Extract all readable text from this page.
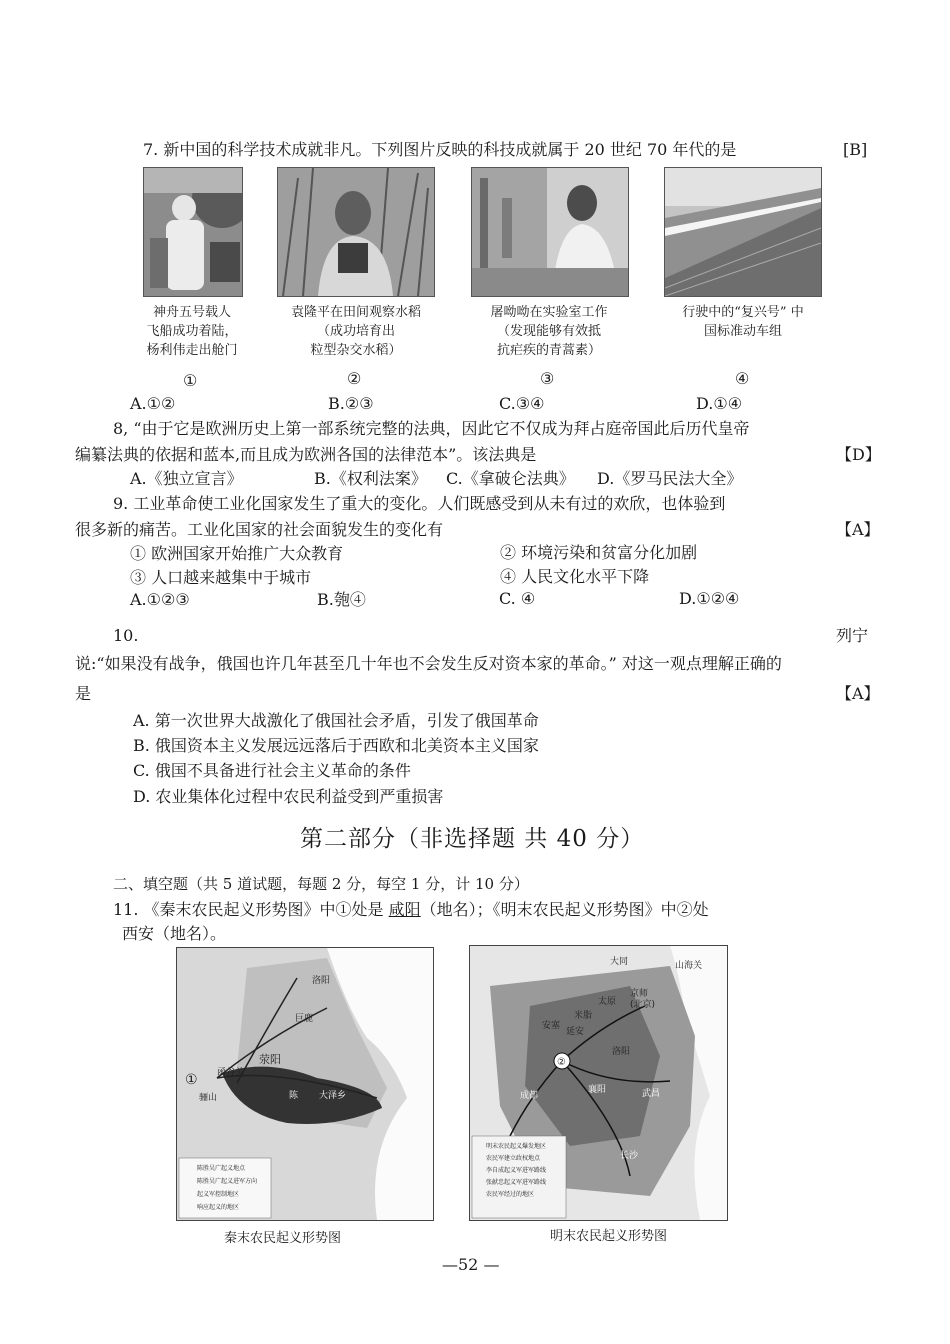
7. 新中国的科学技术成就非凡。下列图片反映的科技成就属于 20 世纪 70 年代的是	[B]
神舟五号载人
飞船成功着陆，
杨利伟走出舱门
袁隆平在田间观察水稻
（成功培育出
粒型杂交水稻）
屠呦呦在实验室工作
（发现能够有效抵
抗疟疾的青蒿素）
行驶中的“复兴号” 中
国标准动车组
①	②	③	④
A.①②	B.②③	C.③④	D.①④
8, “由于它是欧洲历史上第一部系统完整的法典，因此它不仅成为拜占庭帝国此后历代皇帝
编纂法典的依据和蓝本,而且成为欧洲各国的法律范本”。该法典是	【D】
A.《独立宣言》	B.《权利法案》 C.《拿破仑法典》 D.《罗马民法大全》
9. 工业革命使工业化国家发生了重大的变化。人们既感受到从未有过的欢欣，也体验到
很多新的痛苦。工业化国家的社会面貌发生的变化有	【A】
① 欧洲国家开始推广大众教育	② 环境污染和贫富分化加剧
③ 人口越来越集中于城市	④ 人民文化水平下降
A.①②③	B.匏④	C. ④	D.①②④
10.	列宁
说:“如果没有战争，俄国也许几年甚至几十年也不会发生反对资本家的革命。” 对这一观点理解正确的
是	【A】
A. 第一次世界大战激化了俄国社会矛盾，引发了俄国革命
B. 俄国资本主义发展远远落后于西欧和北美资本主义国家
C. 俄国不具备进行社会主义革命的条件
D. 农业集体化过程中农民利益受到严重损害
第二部分（非选择题 共 40 分）
二、填空题（共 5 道试题，每题 2 分，每空 1 分，计 10 分）
11. 《秦末农民起义形势图》中①处是 咸阳（地名）；《明末农民起义形势图》中②处
西安（地名）。
洛阳
巨鹿
荥阳
函谷关
骊山	陈 大泽乡
①
陈胜吴广起义地点
陈胜吴广起义进军方向
起义军控制地区
响应起义的地区
大同	山海关
京师
(北京)
太原
安塞
延安
洛阳
②
成都
襄阳	武昌
长沙
米脂
明末农民起义爆发地区
农民军建立政权地点
李自成起义军进军路线
张献忠起义军进军路线
农民军经过的地区
秦末农民起义形势图	明末农民起义形势图
—52 —
